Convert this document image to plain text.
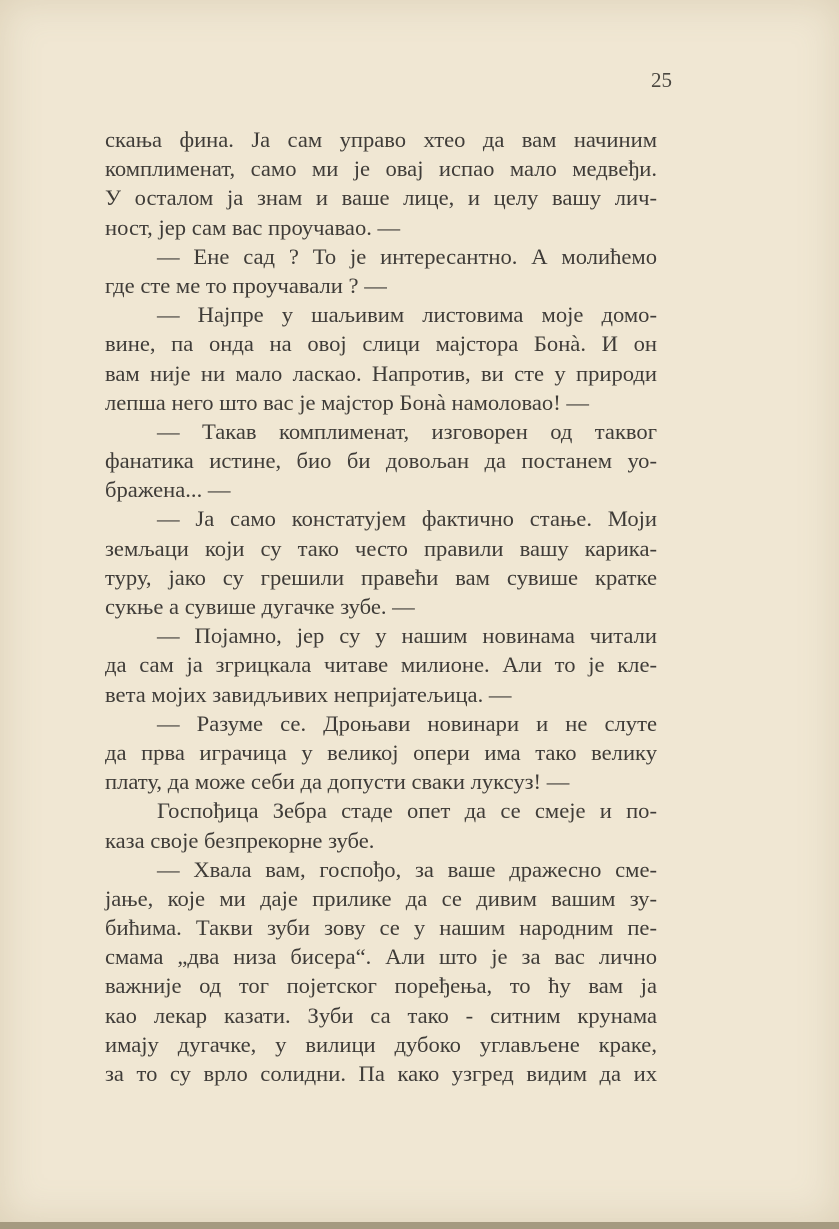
25
скања фина. Ја сам управо хтео да вам начиним
комплименат, само ми је овај испао мало медвеђи.
У осталом ја знам и ваше лице, и целу вашу лич-
ност, јер сам вас проучавао. —
— Ене сад ? То је интересантно. А молићемо
где сте ме то проучавали ? —
— Најпре у шаљивим листовима моје домо-
вине, па онда на овој слици мајстора Бонà. И он
вам није ни мало ласкао. Напротив, ви сте у природи
лепша него што вас је мајстор Бонà намоловао! —
— Такав комплименат, изговорен од таквог
фанатика истине, био би довољан да постанем уо-
бражена... —
— Ја само констатујем фактично стање. Моји
земљаци који су тако често правили вашу карика-
туру, јако су грешили правећи вам сувише кратке
сукње а сувише дугачке зубе. —
— Појамно, јер су у нашим новинама читали
да сам ја згрицкала читаве милионе. Али то је кле-
вета мојих завидљивих непријатељица. —
— Разуме се. Дроњави новинари и не слуте
да прва играчица у великој опери има тако велику
плату, да може себи да допусти сваки луксуз! —
Госпођица Зебра стаде опет да се смеје и по-
каза своје безпрекорне зубе.
— Хвала вам, госпођо, за ваше дражесно сме-
јање, које ми даје прилике да се дивим вашим зу-
бићима. Такви зуби зову се у нашим народним пе-
смама „два низа бисера“. Али што је за вас лично
важније од тог појетског поређења, то ћу вам ја
као лекар казати. Зуби са тако - ситним крунама
имају дугачке, у вилици дубоко углављене краке,
за то су врло солидни. Па како узгред видим да их
